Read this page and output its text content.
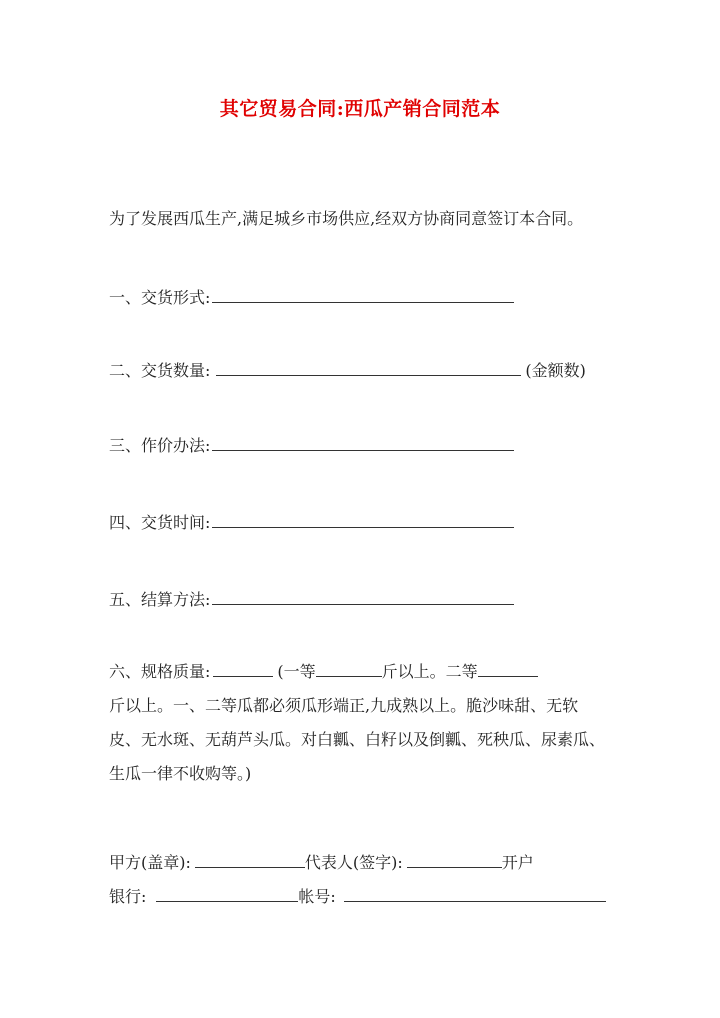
其它贸易合同:西瓜产销合同范本
为了发展西瓜生产,满足城乡市场供应,经双方协商同意签订本合同。
一、交货形式:
二、交货数量:	(金额数)
三、作价办法:
四、交货时间:
五、结算方法:
六、规格质量:	(一等	斤以上。二等
斤以上。一、二等瓜都必须瓜形端正,九成熟以上。脆沙味甜、无软
皮、无水斑、无葫芦头瓜。对白瓤、白籽以及倒瓤、死秧瓜、尿素瓜、
生瓜一律不收购等。)
甲方(盖章):	代表人(签字):	开户
银行:	帐号:
